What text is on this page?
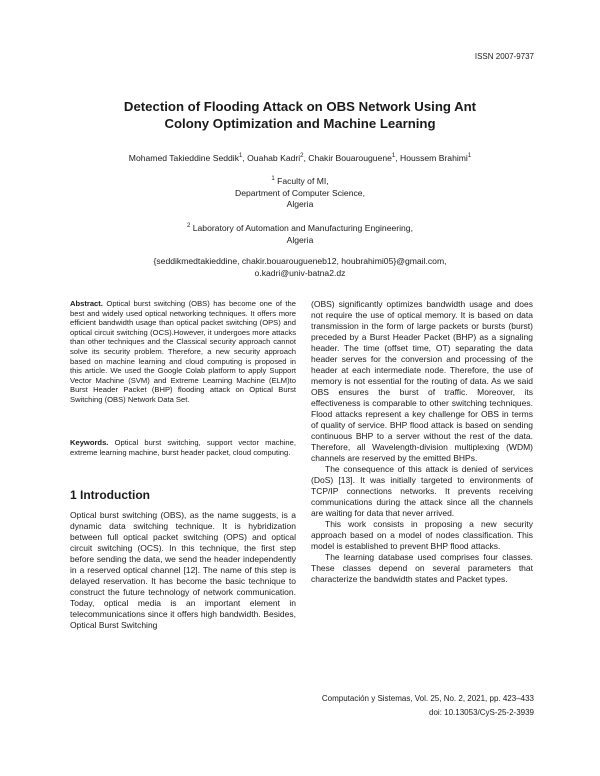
ISSN 2007-9737
Detection of Flooding Attack on OBS Network Using Ant
Colony Optimization and Machine Learning
Mohamed Takieddine Seddik$^1$, Ouahab Kadri$^2$, Chakir Bouarouguene$^1$, Houssem Brahimi$^1$
$^1$ Faculty of MI,
Department of Computer Science,
Algeria
$^2$ Laboratory of Automation and Manufacturing Engineering,
Algeria
{seddikmedtakieddine, chakir.bouarougueneb12, houbrahimi05}@gmail.com,
o.kadri@univ-batna2.dz
Abstract. Optical burst switching (OBS) has become one of the best and widely used optical networking techniques. It offers more efficient bandwidth usage than optical packet switching (OPS) and optical circuit switching (OCS).However, it undergoes more attacks than other techniques and the Classical security approach cannot solve its security problem. Therefore, a new security approach based on machine learning and cloud computing is proposed in this article. We used the Google Colab platform to apply Support Vector Machine (SVM) and Extreme Learning Machine (ELM)to Burst Header Packet (BHP) flooding attack on Optical Burst Switching (OBS) Network Data Set.
Keywords. Optical burst switching, support vector machine, extreme learning machine, burst header packet, cloud computing.
1 Introduction

Optical burst switching (OBS), as the name suggests, is a dynamic data switching technique. It is hybridization between full optical packet switching (OPS) and optical circuit switching (OCS). In this technique, the first step before sending the data, we send the header independently in a reserved optical channel [12]. The name of this step is delayed reservation. It has become the basic technique to construct the future technology of network communication. Today, optical media is an important element in telecommunications since it offers high bandwidth. Besides, Optical Burst Switching

(OBS) significantly optimizes bandwidth usage and does not require the use of optical memory. It is based on data transmission in the form of large packets or bursts (burst) preceded by a Burst Header Packet (BHP) as a signaling header. The time (offset time, OT) separating the data header serves for the conversion and processing of the header at each intermediate node. Therefore, the use of memory is not essential for the routing of data. As we said OBS ensures the burst of traffic. Moreover, its effectiveness is comparable to other switching techniques. Flood attacks represent a key challenge for OBS in terms of quality of service. BHP flood attack is based on sending continuous BHP to a server without the rest of the data. Therefore, all Wavelength-division multiplexing (WDM) channels are reserved by the emitted BHPs.

The consequence of this attack is denied of services (DoS) [13]. It was initially targeted to environments of TCP/IP connections networks. It prevents receiving communications during the attack since all the channels are waiting for data that never arrived.

This work consists in proposing a new security approach based on a model of nodes classification. This model is established to prevent BHP flood attacks.

The learning database used comprises four classes. These classes depend on several parameters that characterize the bandwidth states and Packet types.

Computación y Sistemas, Vol. 25, No. 2, 2021, pp. 423–433
doi: 10.13053/CyS-25-2-3939
